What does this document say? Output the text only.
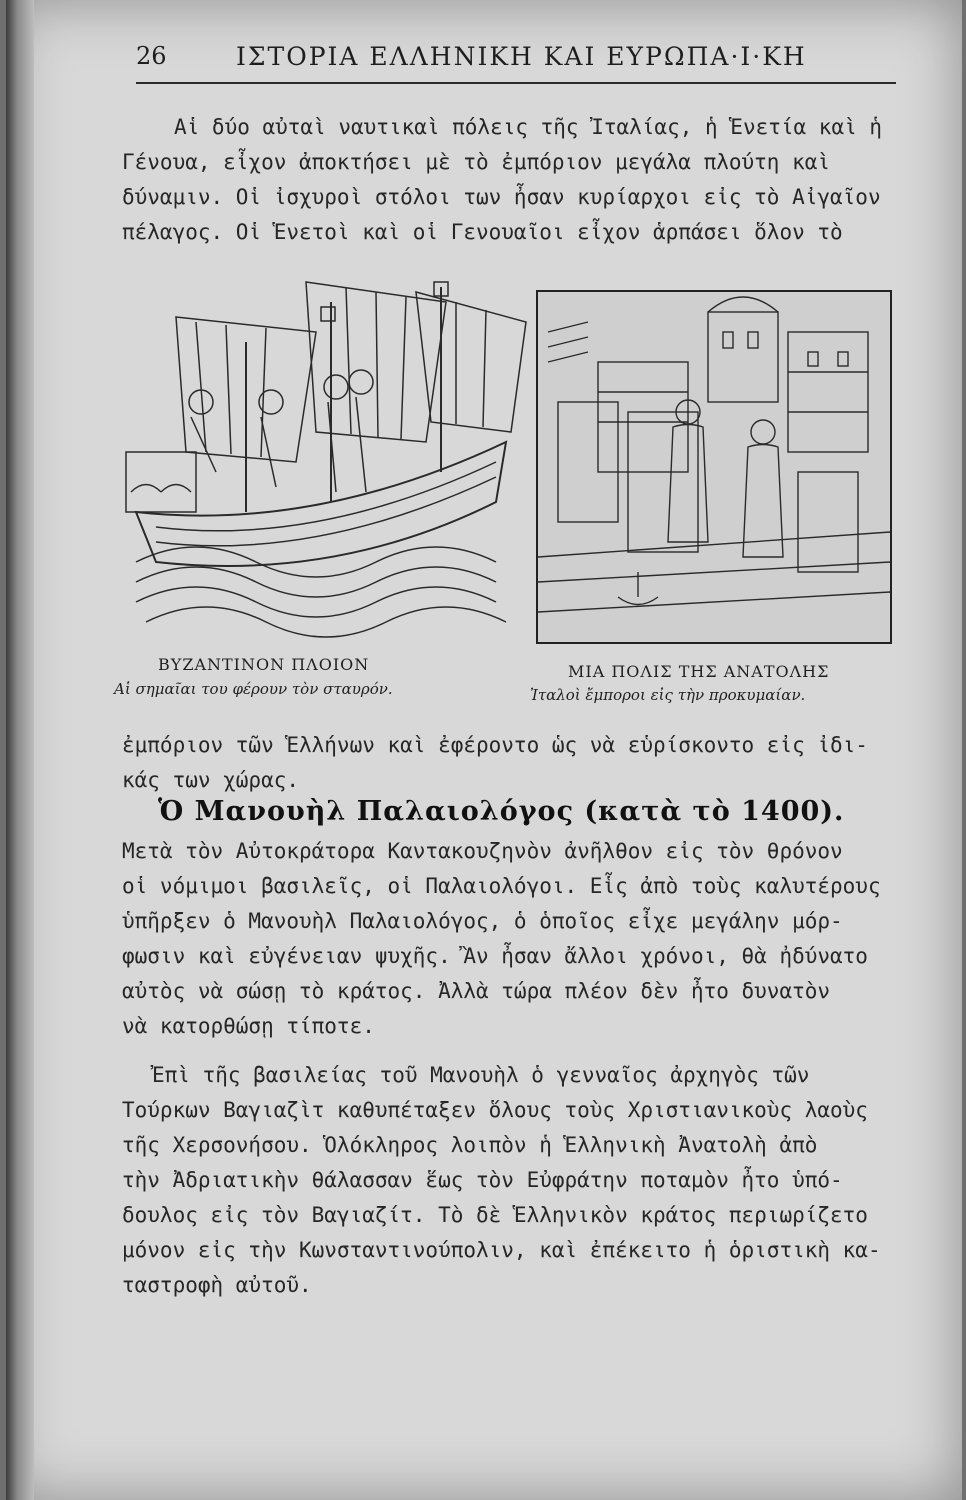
26	ΙΣΤΟΡΙΑ ΕΛΛΗΝΙΚΗ ΚΑΙ ΕΥΡΩΠΑ·Ι·ΚΗ
Αἱ δύο αὐταὶ ναυτικαὶ πόλεις τῆς Ἰταλίας, ἡ Ἑνετία καὶ ἡ
Γένουα, εἶχον ἀποκτήσει μὲ τὸ ἐμπόριον μεγάλα πλούτη καὶ
δύναμιν. Οἱ ἰσχυροὶ στόλοι των ἦσαν κυρίαρχοι εἰς τὸ Αἰγαῖον
πέλαγος. Οἱ Ἑνετοὶ καὶ οἱ Γενουαῖοι εἶχον ἁρπάσει ὅλον τὸ
ΒΥΖΑΝΤΙΝΟΝ ΠΛΟΙΟΝ
Αἱ σημαῖαι του φέρουν τὸν σταυρόν.
ΜΙΑ ΠΟΛΙΣ ΤΗΣ ΑΝΑΤΟΛΗΣ
Ἰταλοὶ ἔμποροι εἰς τὴν προκυμαίαν.
ἐμπόριον τῶν Ἑλλήνων καὶ ἐφέροντο ὡς νὰ εὑρίσκοντο εἰς ἰδι-
κάς των χώρας.
Ὁ Μανουὴλ Παλαιολόγος (κατὰ τὸ 1400).
Μετὰ τὸν Αὐτοκράτορα Καντακουζηνὸν ἀνῆλθον εἰς τὸν θρόνον
οἱ νόμιμοι βασιλεῖς, οἱ Παλαιολόγοι. Εἷς ἀπὸ τοὺς καλυτέρους
ὑπῆρξεν ὁ Μανουὴλ Παλαιολόγος, ὁ ὁποῖος εἶχε μεγάλην μόρ-
φωσιν καὶ εὐγένειαν ψυχῆς. Ἂν ἦσαν ἄλλοι χρόνοι, θὰ ἠδύνατο
αὐτὸς νὰ σώσῃ τὸ κράτος. Ἀλλὰ τώρα πλέον δὲν ἦτο δυνατὸν
νὰ κατορθώσῃ τίποτε.
Ἐπὶ τῆς βασιλείας τοῦ Μανουὴλ ὁ γενναῖος ἀρχηγὸς τῶν
Τούρκων Βαγιαζὶτ καθυπέταξεν ὅλους τοὺς Χριστιανικοὺς λαοὺς
τῆς Χερσονήσου. Ὁλόκληρος λοιπὸν ἡ Ἑλληνικὴ Ἀνατολὴ ἀπὸ
τὴν Ἀδριατικὴν θάλασσαν ἕως τὸν Εὐφράτην ποταμὸν ἦτο ὑπό-
δουλος εἰς τὸν Βαγιαζίτ. Τὸ δὲ Ἑλληνικὸν κράτος περιωρίζετο
μόνον εἰς τὴν Κωνσταντινούπολιν, καὶ ἐπέκειτο ἡ ὁριστικὴ κα-
ταστροφὴ αὐτοῦ.
